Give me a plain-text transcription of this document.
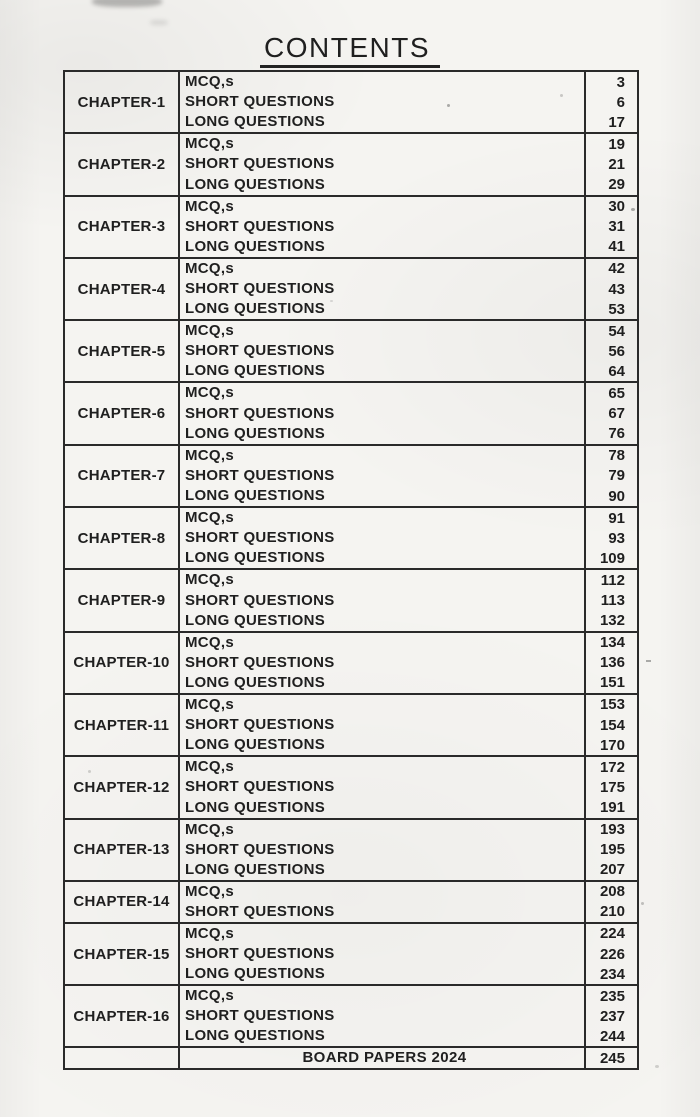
CONTENTS
CHAPTER-1	MCQ,s	3
	SHORT QUESTIONS	6
	LONG QUESTIONS	17
CHAPTER-2	MCQ,s	19
	SHORT QUESTIONS	21
	LONG QUESTIONS	29
CHAPTER-3	MCQ,s	30
	SHORT QUESTIONS	31
	LONG QUESTIONS	41
CHAPTER-4	MCQ,s	42
	SHORT QUESTIONS	43
	LONG QUESTIONS	53
CHAPTER-5	MCQ,s	54
	SHORT QUESTIONS	56
	LONG QUESTIONS	64
CHAPTER-6	MCQ,s	65
	SHORT QUESTIONS	67
	LONG QUESTIONS	76
CHAPTER-7	MCQ,s	78
	SHORT QUESTIONS	79
	LONG QUESTIONS	90
CHAPTER-8	MCQ,s	91
	SHORT QUESTIONS	93
	LONG QUESTIONS	109
CHAPTER-9	MCQ,s	112
	SHORT QUESTIONS	113
	LONG QUESTIONS	132
CHAPTER-10	MCQ,s	134
	SHORT QUESTIONS	136
	LONG QUESTIONS	151
CHAPTER-11	MCQ,s	153
	SHORT QUESTIONS	154
	LONG QUESTIONS	170
CHAPTER-12	MCQ,s	172
	SHORT QUESTIONS	175
	LONG QUESTIONS	191
CHAPTER-13	MCQ,s	193
	SHORT QUESTIONS	195
	LONG QUESTIONS	207
CHAPTER-14	MCQ,s	208
	SHORT QUESTIONS	210
CHAPTER-15	MCQ,s	224
	SHORT QUESTIONS	226
	LONG QUESTIONS	234
CHAPTER-16	MCQ,s	235
	SHORT QUESTIONS	237
	LONG QUESTIONS	244
	BOARD PAPERS 2024	245
